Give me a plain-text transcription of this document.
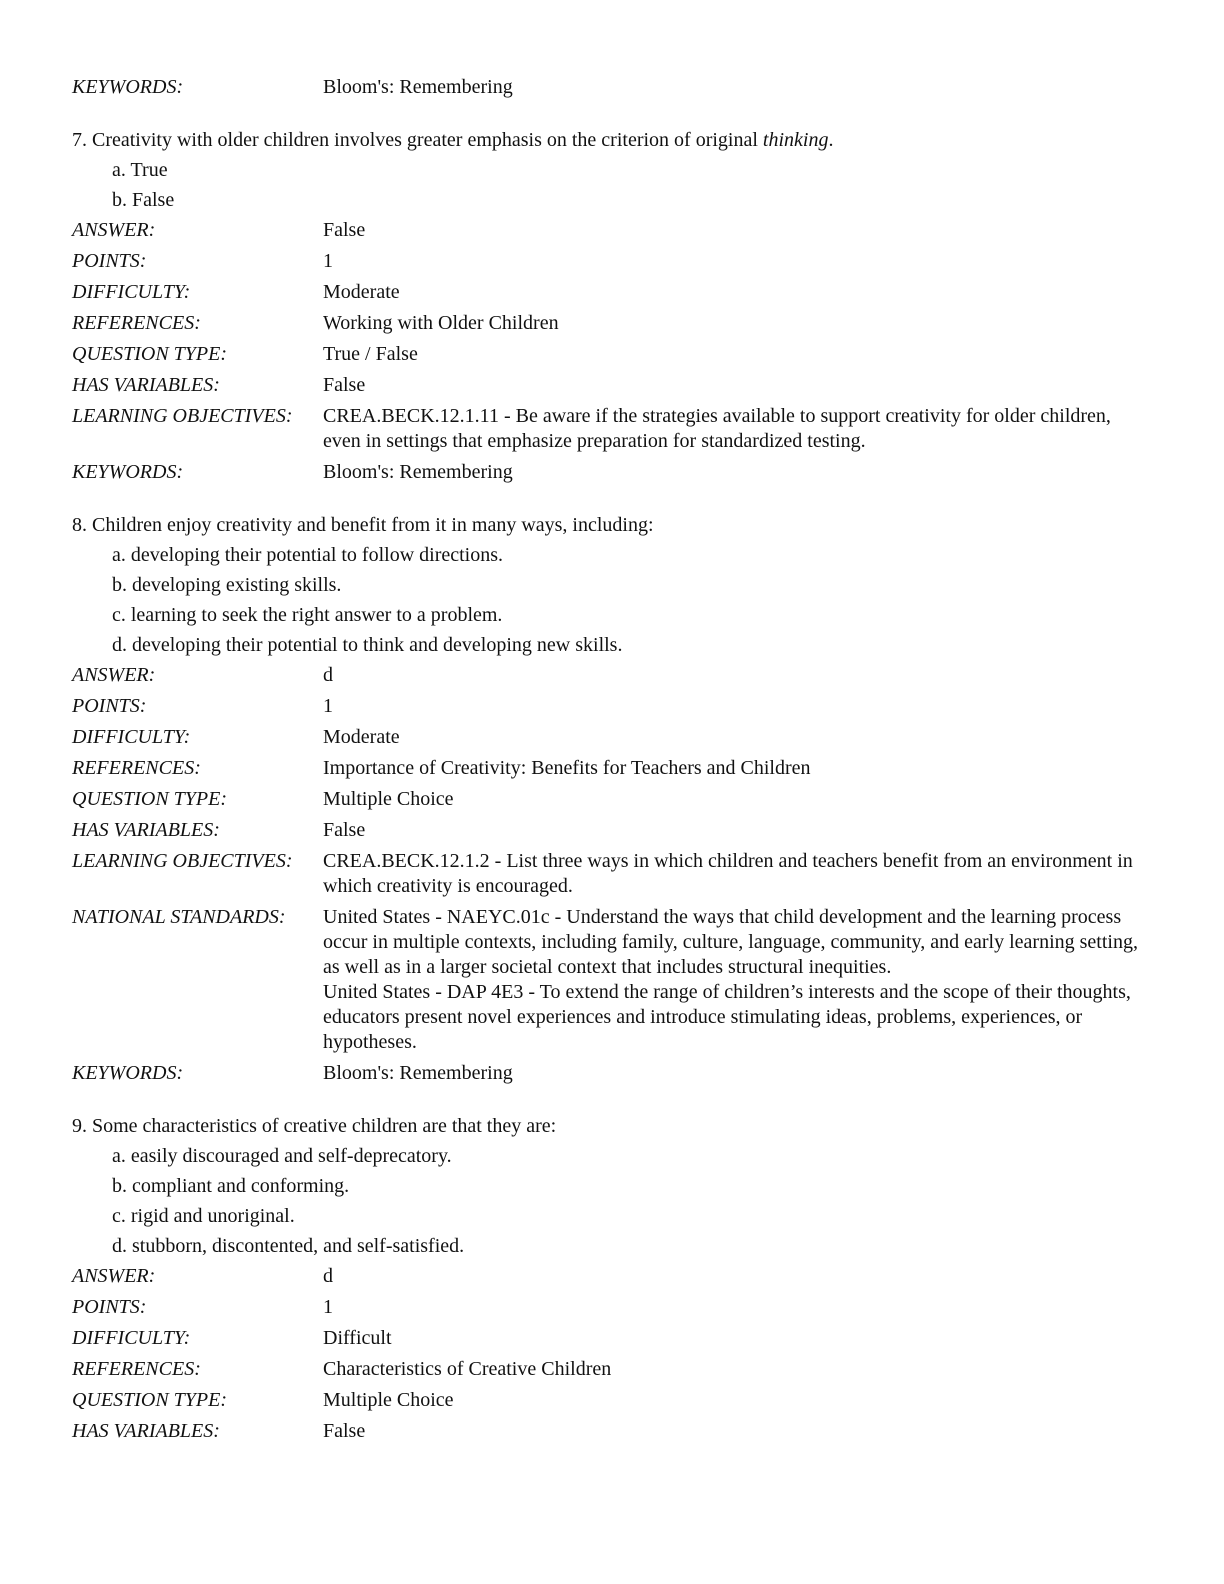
KEYWORDS:	Bloom's: Remembering
7. Creativity with older children involves greater emphasis on the criterion of original thinking.
a. True
b. False
ANSWER:	False
POINTS:	1
DIFFICULTY:	Moderate
REFERENCES:	Working with Older Children
QUESTION TYPE:	True / False
HAS VARIABLES:	False
LEARNING OBJECTIVES:	CREA.BECK.12.1.11 - Be aware if the strategies available to support creativity for older children, even in settings that emphasize preparation for standardized testing.
KEYWORDS:	Bloom's: Remembering
8. Children enjoy creativity and benefit from it in many ways, including:
a. developing their potential to follow directions.
b. developing existing skills.
c. learning to seek the right answer to a problem.
d. developing their potential to think and developing new skills.
ANSWER:	d
POINTS:	1
DIFFICULTY:	Moderate
REFERENCES:	Importance of Creativity: Benefits for Teachers and Children
QUESTION TYPE:	Multiple Choice
HAS VARIABLES:	False
LEARNING OBJECTIVES:	CREA.BECK.12.1.2 - List three ways in which children and teachers benefit from an environment in which creativity is encouraged.
NATIONAL STANDARDS:	United States - NAEYC.01c - Understand the ways that child development and the learning process occur in multiple contexts, including family, culture, language, community, and early learning setting, as well as in a larger societal context that includes structural inequities.
United States - DAP 4E3 - To extend the range of children’s interests and the scope of their thoughts, educators present novel experiences and introduce stimulating ideas, problems, experiences, or hypotheses.
KEYWORDS:	Bloom's: Remembering
9. Some characteristics of creative children are that they are:
a. easily discouraged and self-deprecatory.
b. compliant and conforming.
c. rigid and unoriginal.
d. stubborn, discontented, and self-satisfied.
ANSWER:	d
POINTS:	1
DIFFICULTY:	Difficult
REFERENCES:	Characteristics of Creative Children
QUESTION TYPE:	Multiple Choice
HAS VARIABLES:	False
